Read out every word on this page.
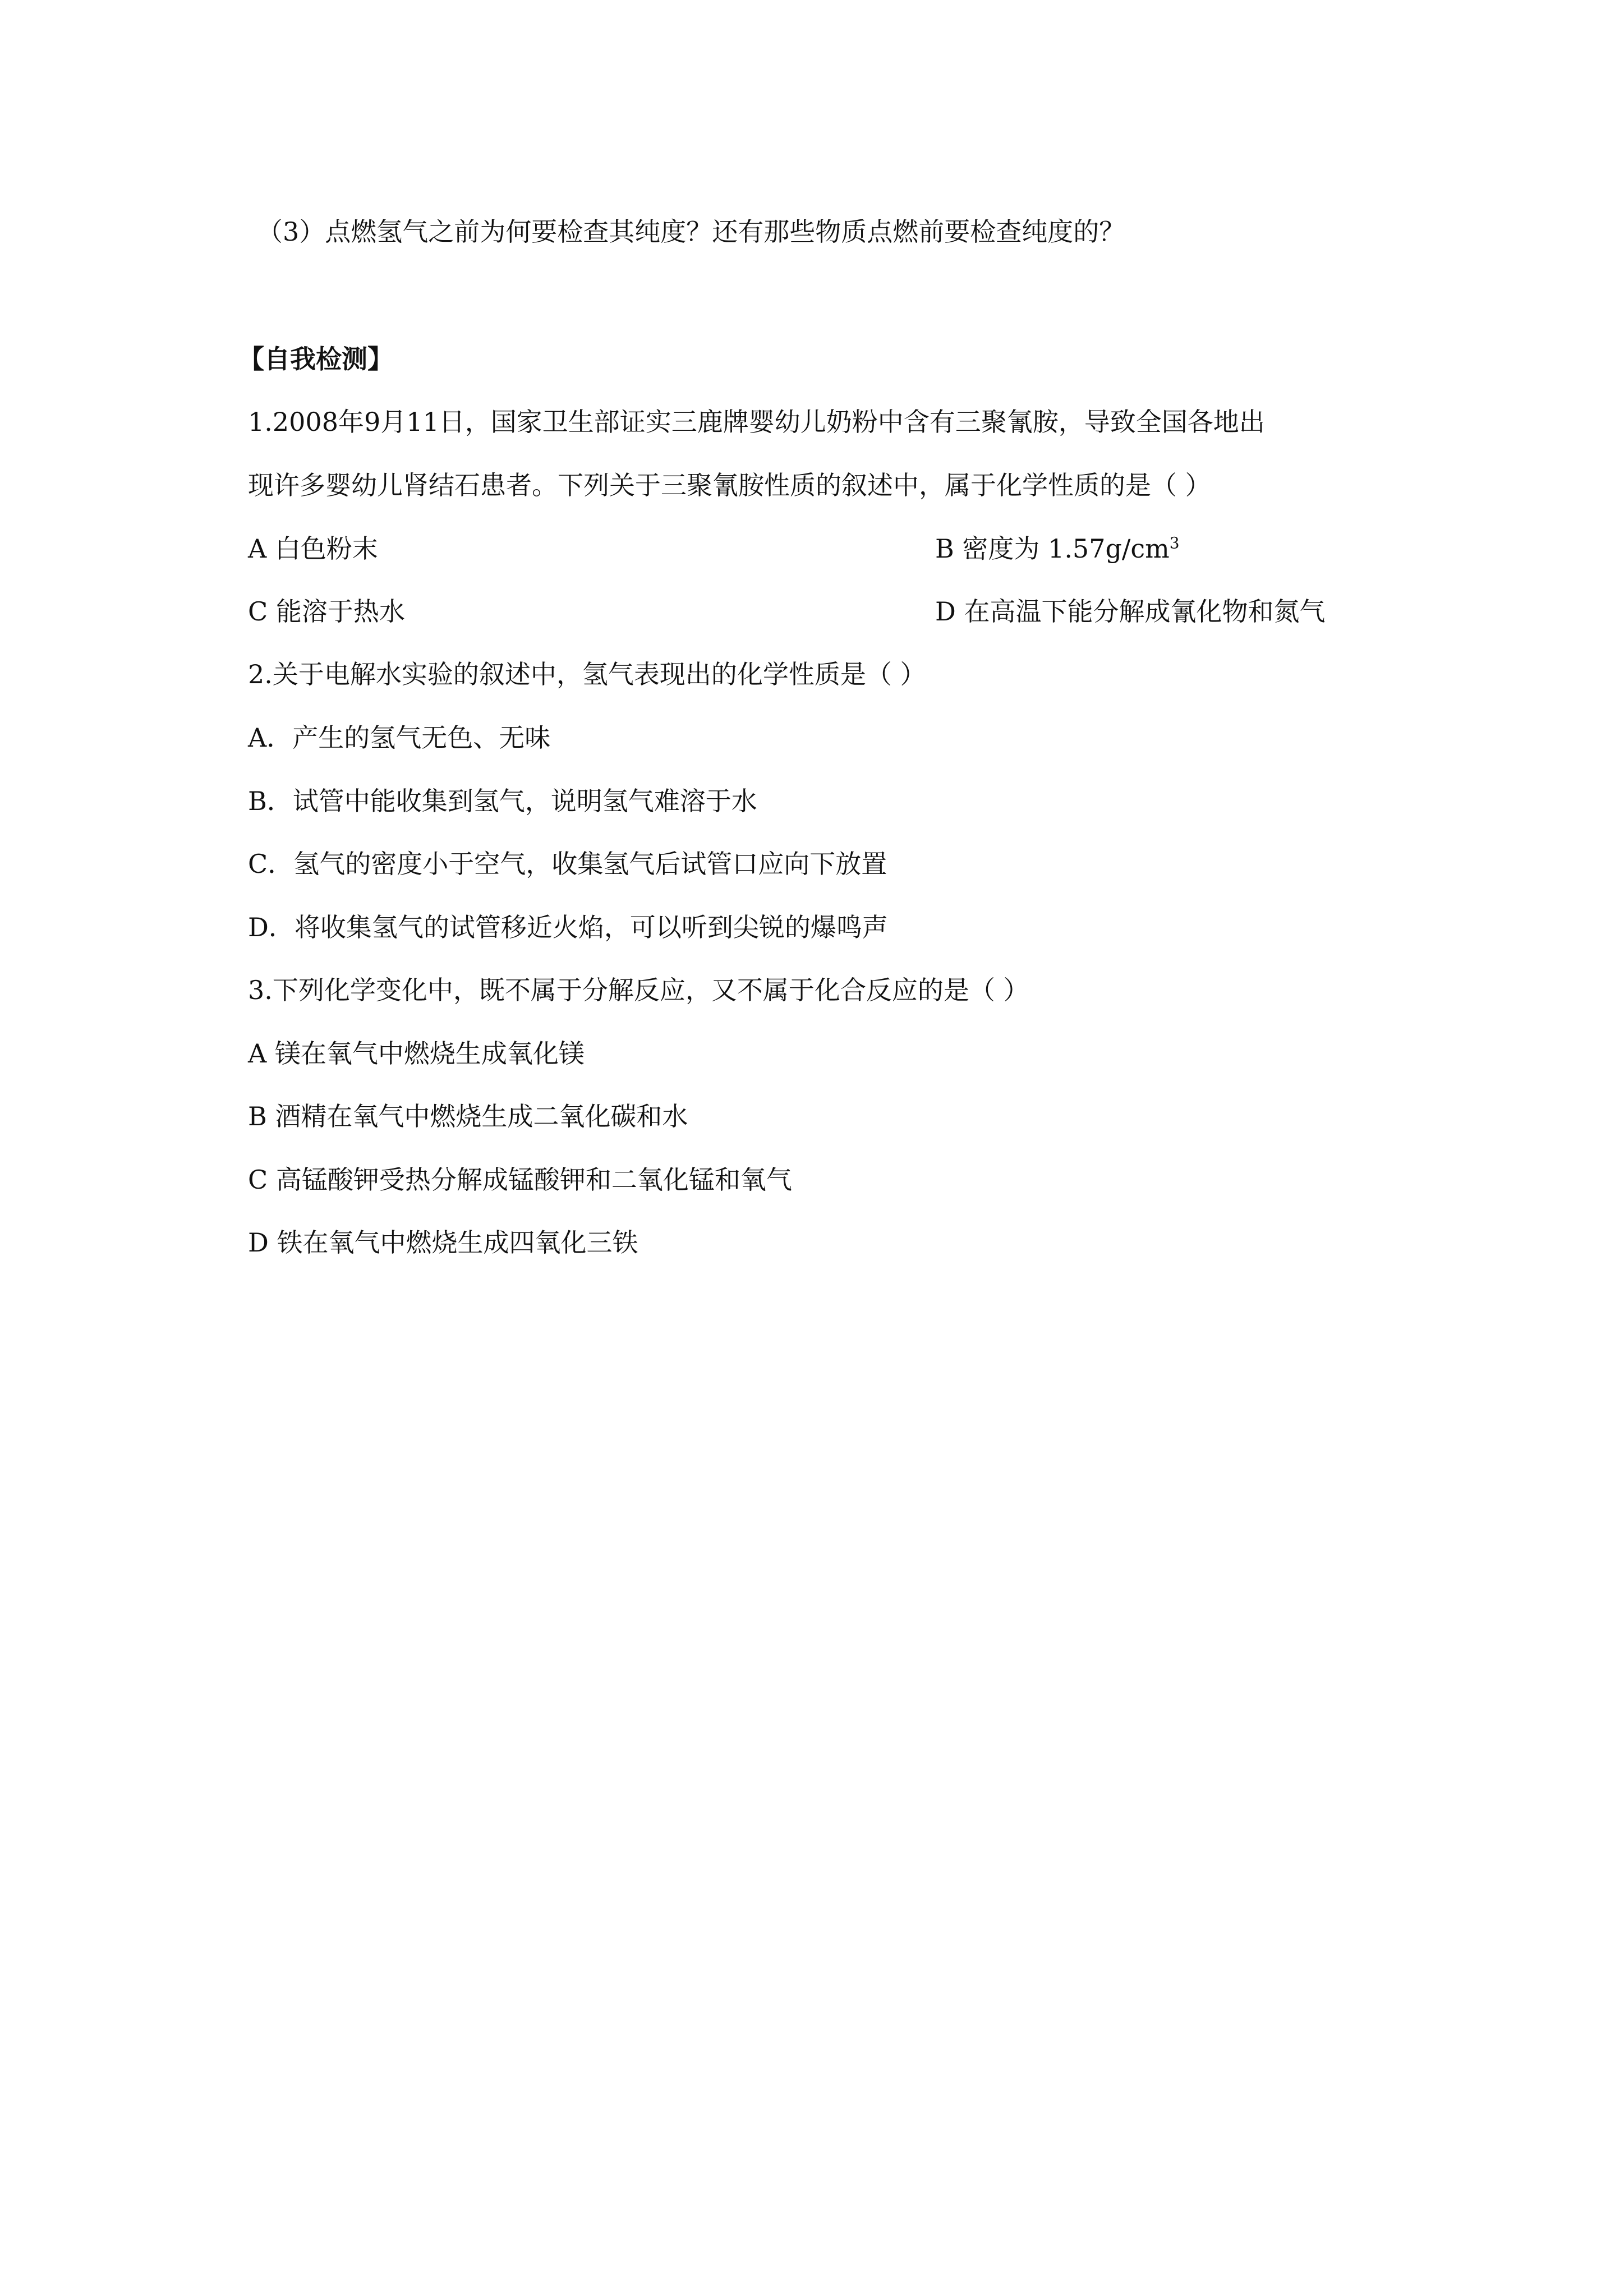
（3）点燃氢气之前为何要检查其纯度？还有那些物质点燃前要检查纯度的？
【自我检测】
1.2008年9月11日，国家卫生部证实三鹿牌婴幼儿奶粉中含有三聚氰胺，导致全国各地出
现许多婴幼儿肾结石患者。下列关于三聚氰胺性质的叙述中，属于化学性质的是（ ）
A 白色粉末	B 密度为 $1.57g/cm^3$
C 能溶于热水	D 在高温下能分解成氰化物和氮气
2.关于电解水实验的叙述中，氢气表现出的化学性质是（ ）
A．产生的氢气无色、无味
B．试管中能收集到氢气，说明氢气难溶于水
C．氢气的密度小于空气，收集氢气后试管口应向下放置
D．将收集氢气的试管移近火焰，可以听到尖锐的爆鸣声
3.下列化学变化中，既不属于分解反应，又不属于化合反应的是（ ）
A 镁在氧气中燃烧生成氧化镁
B 酒精在氧气中燃烧生成二氧化碳和水
C 高锰酸钾受热分解成锰酸钾和二氧化锰和氧气
D 铁在氧气中燃烧生成四氧化三铁
